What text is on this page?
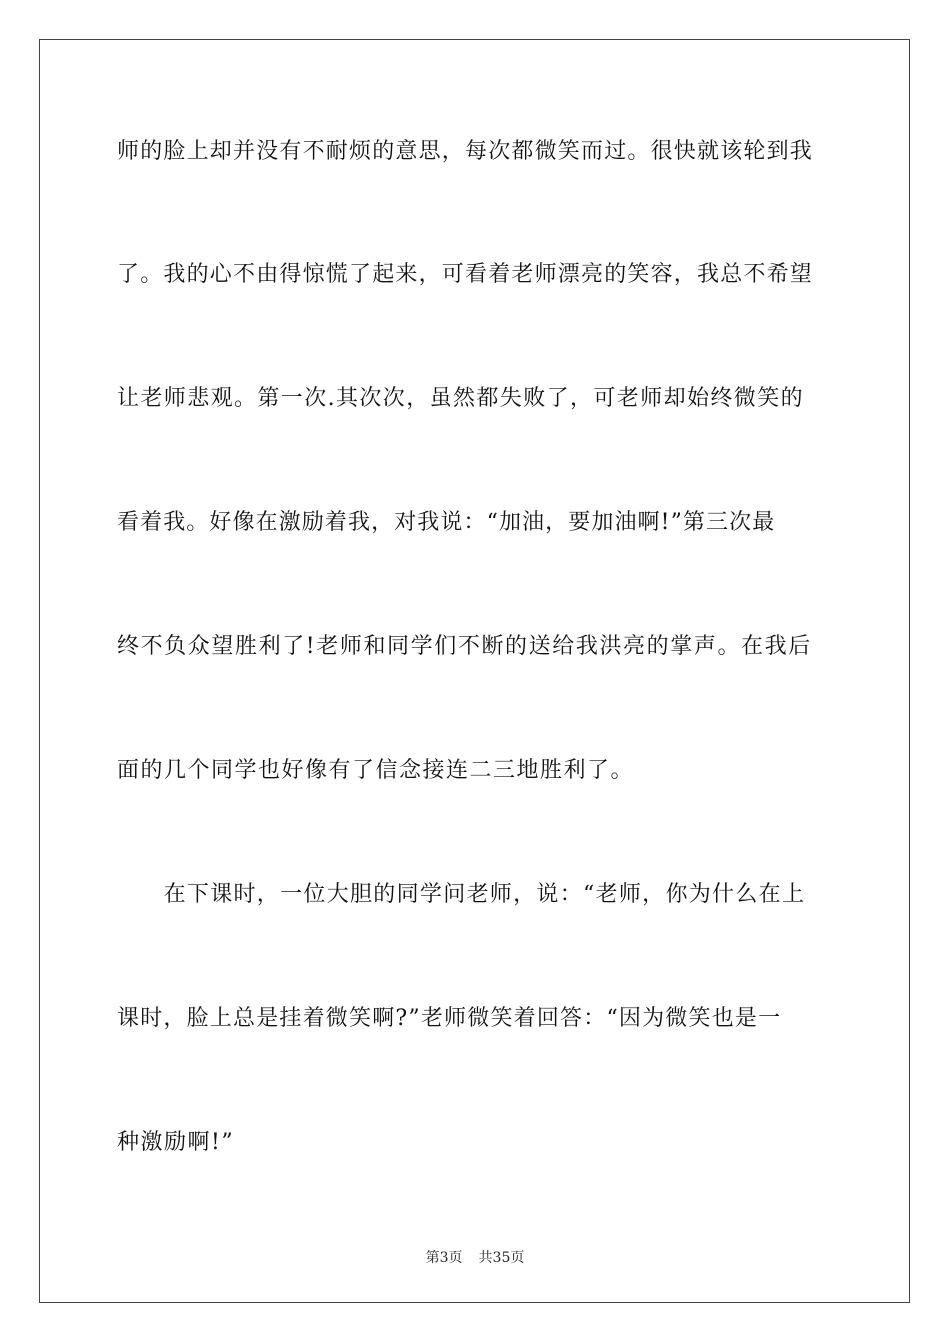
师的脸上却并没有不耐烦的意思，每次都微笑而过。很快就该轮到我
了。我的心不由得惊慌了起来，可看着老师漂亮的笑容，我总不希望
让老师悲观。第一次.其次次，虽然都失败了，可老师却始终微笑的
看着我。好像在激励着我，对我说：“加油，要加油啊!”第三次最
终不负众望胜利了!老师和同学们不断的送给我洪亮的掌声。在我后
面的几个同学也好像有了信念接连二三地胜利了。
　　在下课时，一位大胆的同学问老师，说：“老师，你为什么在上
课时，脸上总是挂着微笑啊?”老师微笑着回答：“因为微笑也是一
种激励啊!”
第3页 共35页
